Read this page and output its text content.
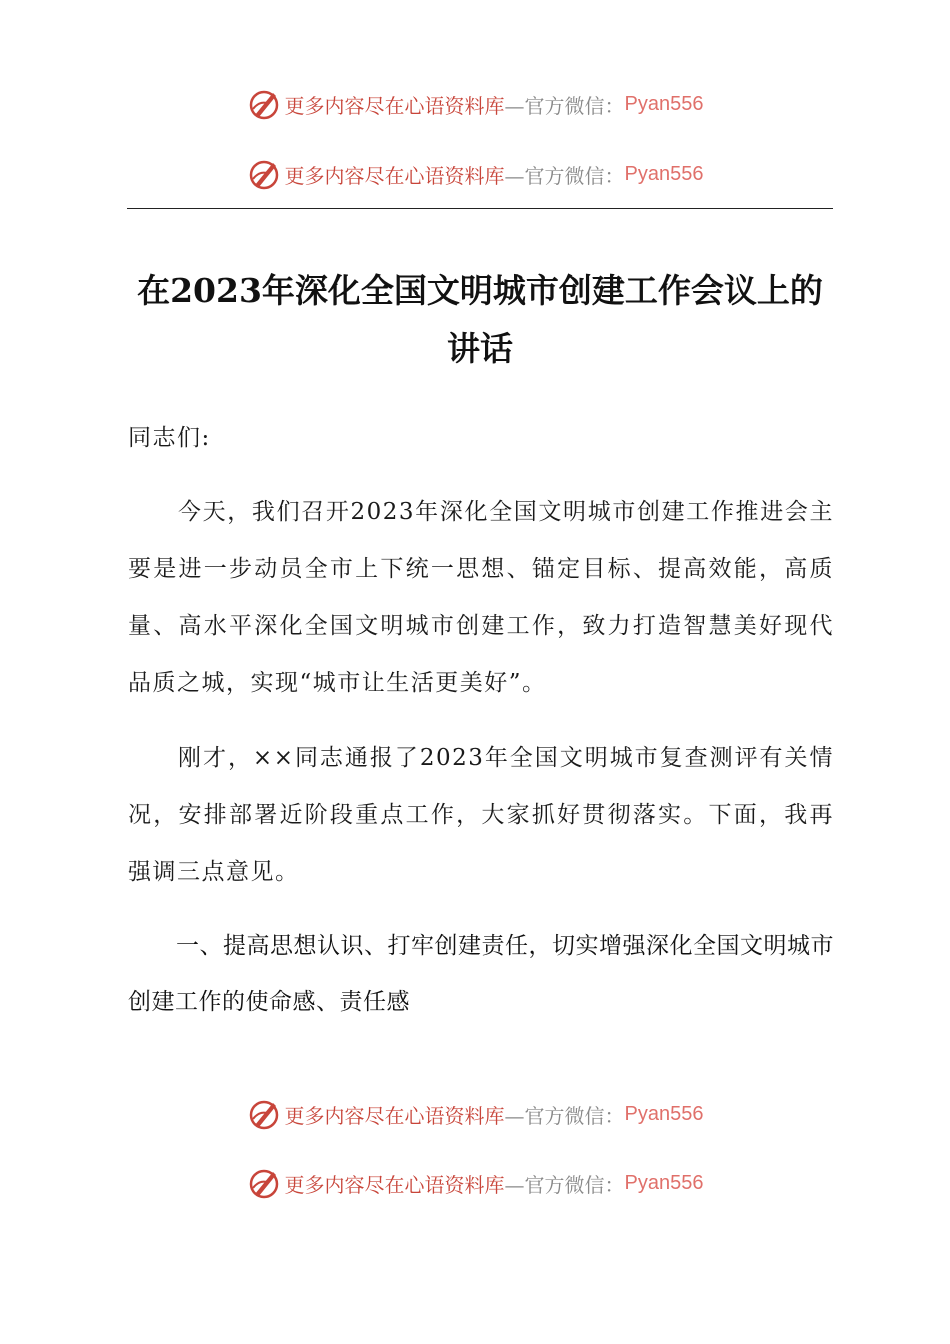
更多内容尽在心语资料库 —官方微信： Pyan556
更多内容尽在心语资料库 —官方微信： Pyan556
在2023年深化全国文明城市创建工作会议上的讲话

同志们:

今天，我们召开2023年深化全国文明城市创建工作推进会主要是进一步动员全市上下统一思想、锚定目标、提高效能，高质量、高水平深化全国文明城市创建工作，致力打造智慧美好现代品质之城，实现“城市让生活更美好”。

刚才，××同志通报了2023年全国文明城市复查测评有关情况，安排部署近阶段重点工作，大家抓好贯彻落实。下面，我再强调三点意见。

一、提高思想认识、打牢创建责任，切实增强深化全国文明城市创建工作的使命感、责任感

更多内容尽在心语资料库 —官方微信： Pyan556
更多内容尽在心语资料库 —官方微信： Pyan556
